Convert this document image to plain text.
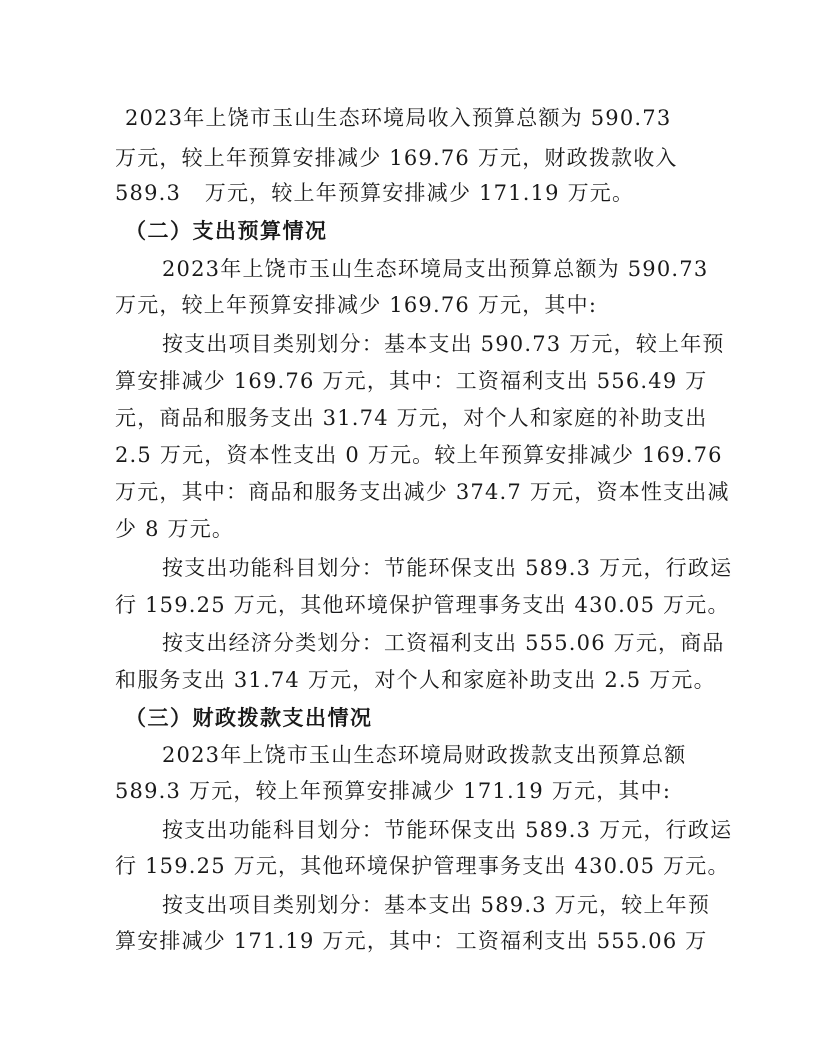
2023年上饶市玉山生态环境局收入预算总额为 590.73

万元，较上年预算安排减少 169.76 万元，财政拨款收入

589.3   万元，较上年预算安排减少 171.19 万元。

（二）支出预算情况

2023年上饶市玉山生态环境局支出预算总额为 590.73

万元，较上年预算安排减少 169.76 万元，其中:

按支出项目类别划分：基本支出 590.73 万元，较上年预

算安排减少 169.76 万元，其中：工资福利支出 556.49 万

元，商品和服务支出 31.74 万元，对个人和家庭的补助支出

2.5 万元，资本性支出 0 万元。较上年预算安排减少 169.76

万元，其中：商品和服务支出减少 374.7 万元，资本性支出减

少 8 万元。

按支出功能科目划分：节能环保支出 589.3 万元，行政运

行 159.25 万元，其他环境保护管理事务支出 430.05 万元。

按支出经济分类划分：工资福利支出 555.06 万元，商品

和服务支出 31.74 万元，对个人和家庭补助支出 2.5 万元。

（三）财政拨款支出情况

2023年上饶市玉山生态环境局财政拨款支出预算总额

589.3 万元，较上年预算安排减少 171.19 万元，其中:

按支出功能科目划分：节能环保支出 589.3 万元，行政运

行 159.25 万元，其他环境保护管理事务支出 430.05 万元。

按支出项目类别划分：基本支出 589.3 万元，较上年预

算安排减少 171.19 万元，其中：工资福利支出 555.06 万
